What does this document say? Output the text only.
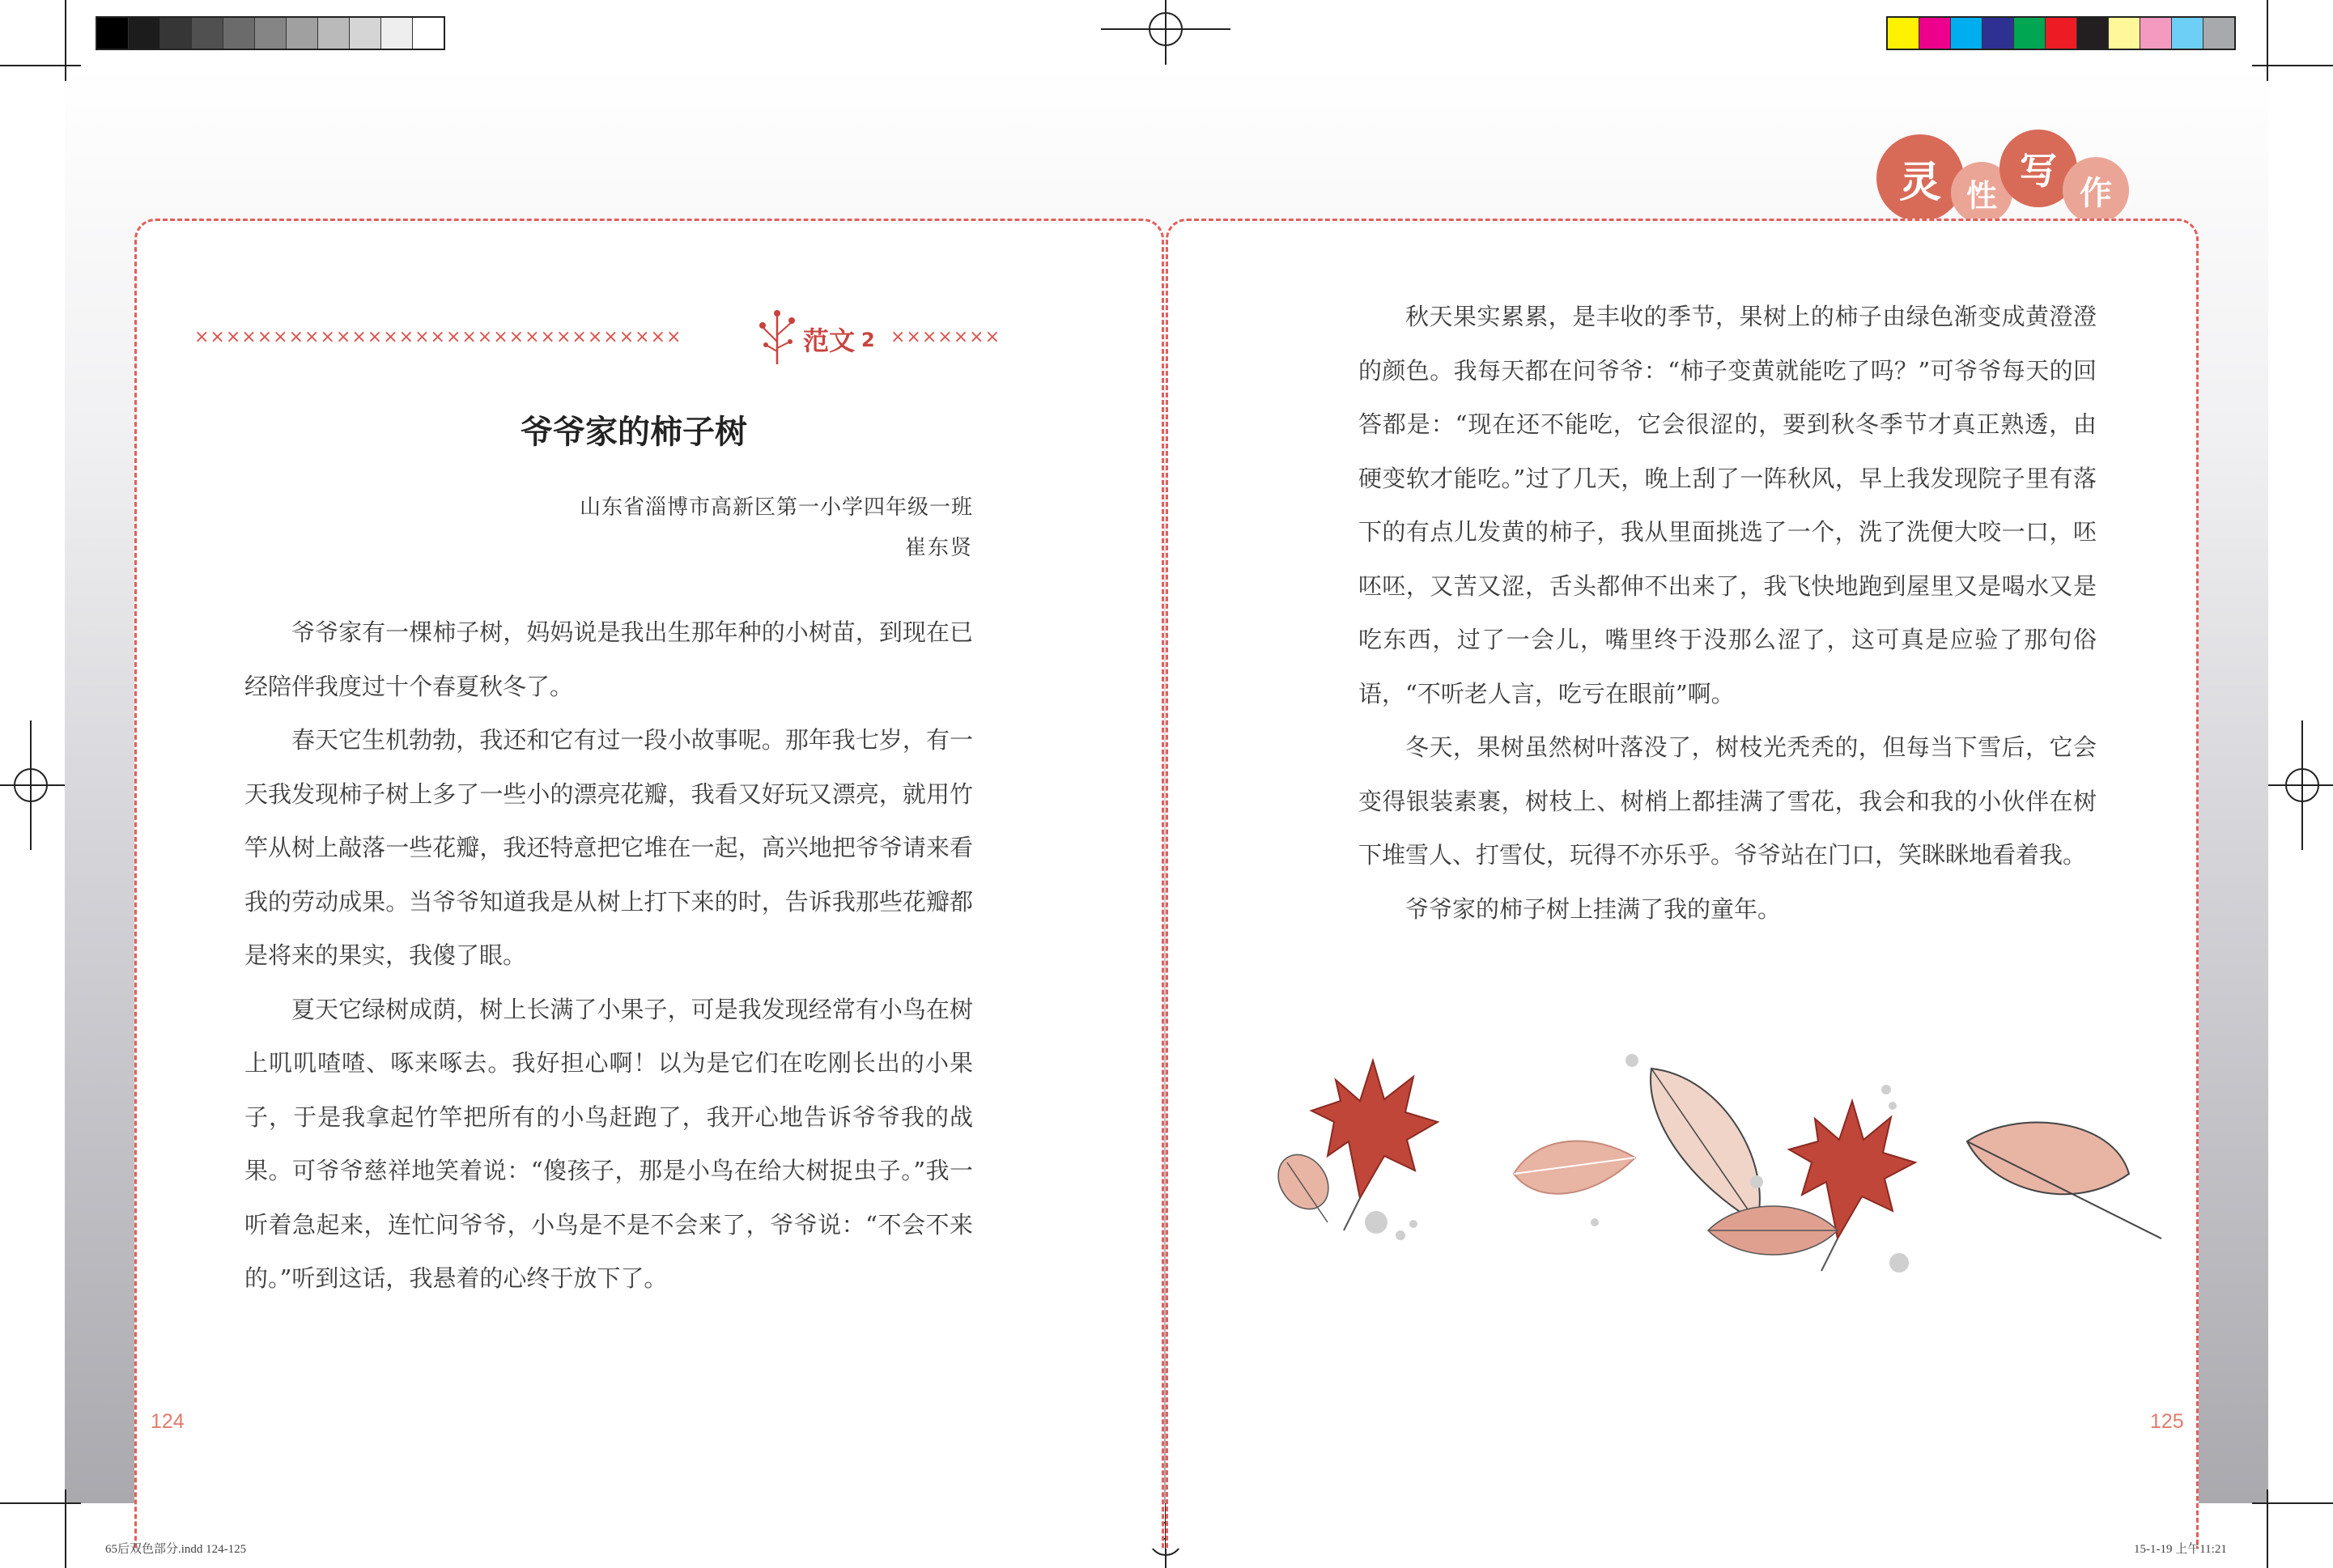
灵 性
写
作
×××××××××××××××××××××××××××××××	范文 2 ×××××××
爷爷家的柿子树
山东省淄博市高新区第一小学四年级一班
崔东贤

爷爷家有一棵柿子树，妈妈说是我出生那年种的小树苗，到现在已经陪伴我度过十个春夏秋冬了。

春天它生机勃勃，我还和它有过一段小故事呢。那年我七岁，有一天我发现柿子树上多了一些小的漂亮花瓣，我看又好玩又漂亮，就用竹竿从树上敲落一些花瓣，我还特意把它堆在一起，高兴地把爷爷请来看我的劳动成果。当爷爷知道我是从树上打下来的时，告诉我那些花瓣都是将来的果实，我傻了眼。

夏天它绿树成荫，树上长满了小果子，可是我发现经常有小鸟在树上叽叽喳喳、啄来啄去。我好担心啊！以为是它们在吃刚长出的小果子，于是我拿起竹竿把所有的小鸟赶跑了，我开心地告诉爷爷我的战果。可爷爷慈祥地笑着说：“傻孩子，那是小鸟在给大树捉虫子。”我一听着急起来，连忙问爷爷，小鸟是不是不会来了，爷爷说：“不会不来的。”听到这话，我悬着的心终于放下了。

秋天果实累累，是丰收的季节，果树上的柿子由绿色渐变成黄澄澄的颜色。我每天都在问爷爷：“柿子变黄就能吃了吗？”可爷爷每天的回答都是：“现在还不能吃，它会很涩的，要到秋冬季节才真正熟透，由硬变软才能吃。”过了几天，晚上刮了一阵秋风，早上我发现院子里有落下的有点儿发黄的柿子，我从里面挑选了一个，洗了洗便大咬一口，呸呸呸，又苦又涩，舌头都伸不出来了，我飞快地跑到屋里又是喝水又是吃东西，过了一会儿，嘴里终于没那么涩了，这可真是应验了那句俗语，“不听老人言，吃亏在眼前”啊。

冬天，果树虽然树叶落没了，树枝光秃秃的，但每当下雪后，它会变得银装素裹，树枝上、树梢上都挂满了雪花，我会和我的小伙伴在树下堆雪人、打雪仗，玩得不亦乐乎。爷爷站在门口，笑眯眯地看着我。

爷爷家的柿子树上挂满了我的童年。

124	125
65后双色部分.indd 124-125	15-1-19 上午11:21
